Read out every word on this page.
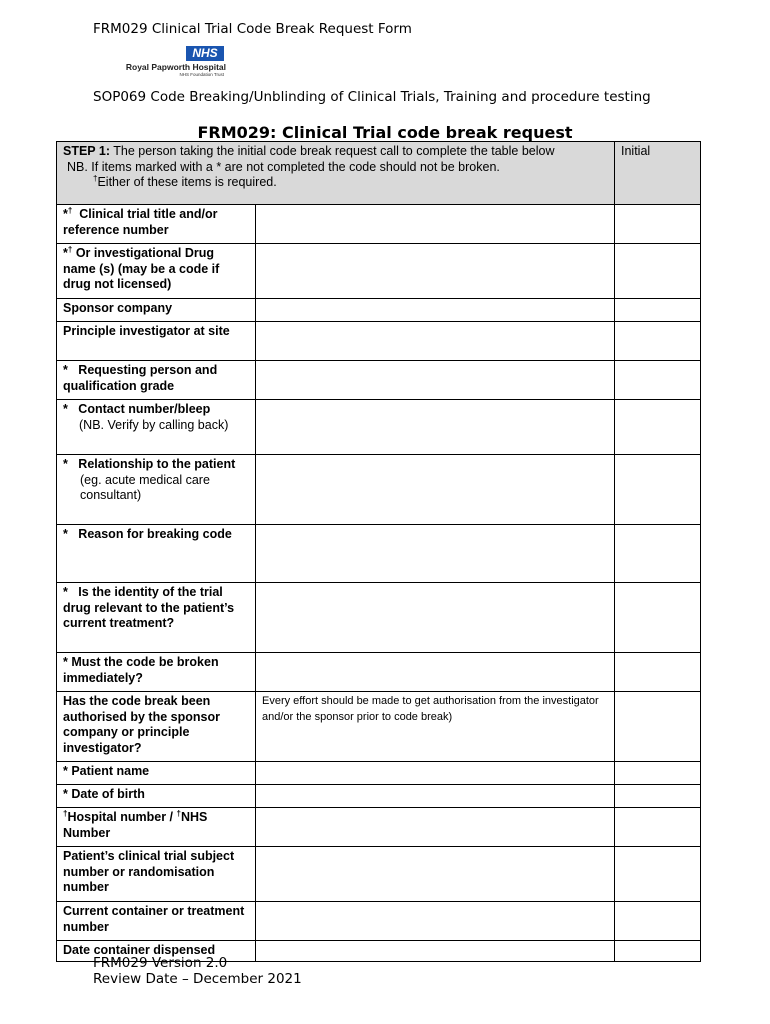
FRM029 Clinical Trial Code Break Request Form
NHS
Royal Papworth Hospital
NHS Foundation Trust
SOP069 Code Breaking/Unblinding of Clinical Trials, Training and procedure testing
FRM029: Clinical Trial code break request
STEP 1: The person taking the initial code break request call to complete the table below
NB. If items marked with a * are not completed the code should not be broken.
†Either of these items is required.		Initial
*† Clinical trial title and/or reference number		
*† Or investigational Drug name (s) (may be a code if drug not licensed)		
Sponsor company		
Principle investigator at site		
* Requesting person and qualification grade		
* Contact number/bleep
(NB. Verify by calling back)		
* Relationship to the patient
(eg. acute medical care consultant)		

* Reason for breaking code		
* Is the identity of the trial drug relevant to the patient’s current treatment?		
* Must the code be broken immediately?		
Has the code break been authorised by the sponsor company or principle investigator?	Every effort should be made to get authorisation from the investigator and/or the sponsor prior to code break)	
* Patient name		
* Date of birth		
†Hospital number / †NHS Number		
Patient’s clinical trial subject number or randomisation number		
Current container or treatment number		
Date container dispensed		
FRM029 Version 2.0
Review Date – December 2021
